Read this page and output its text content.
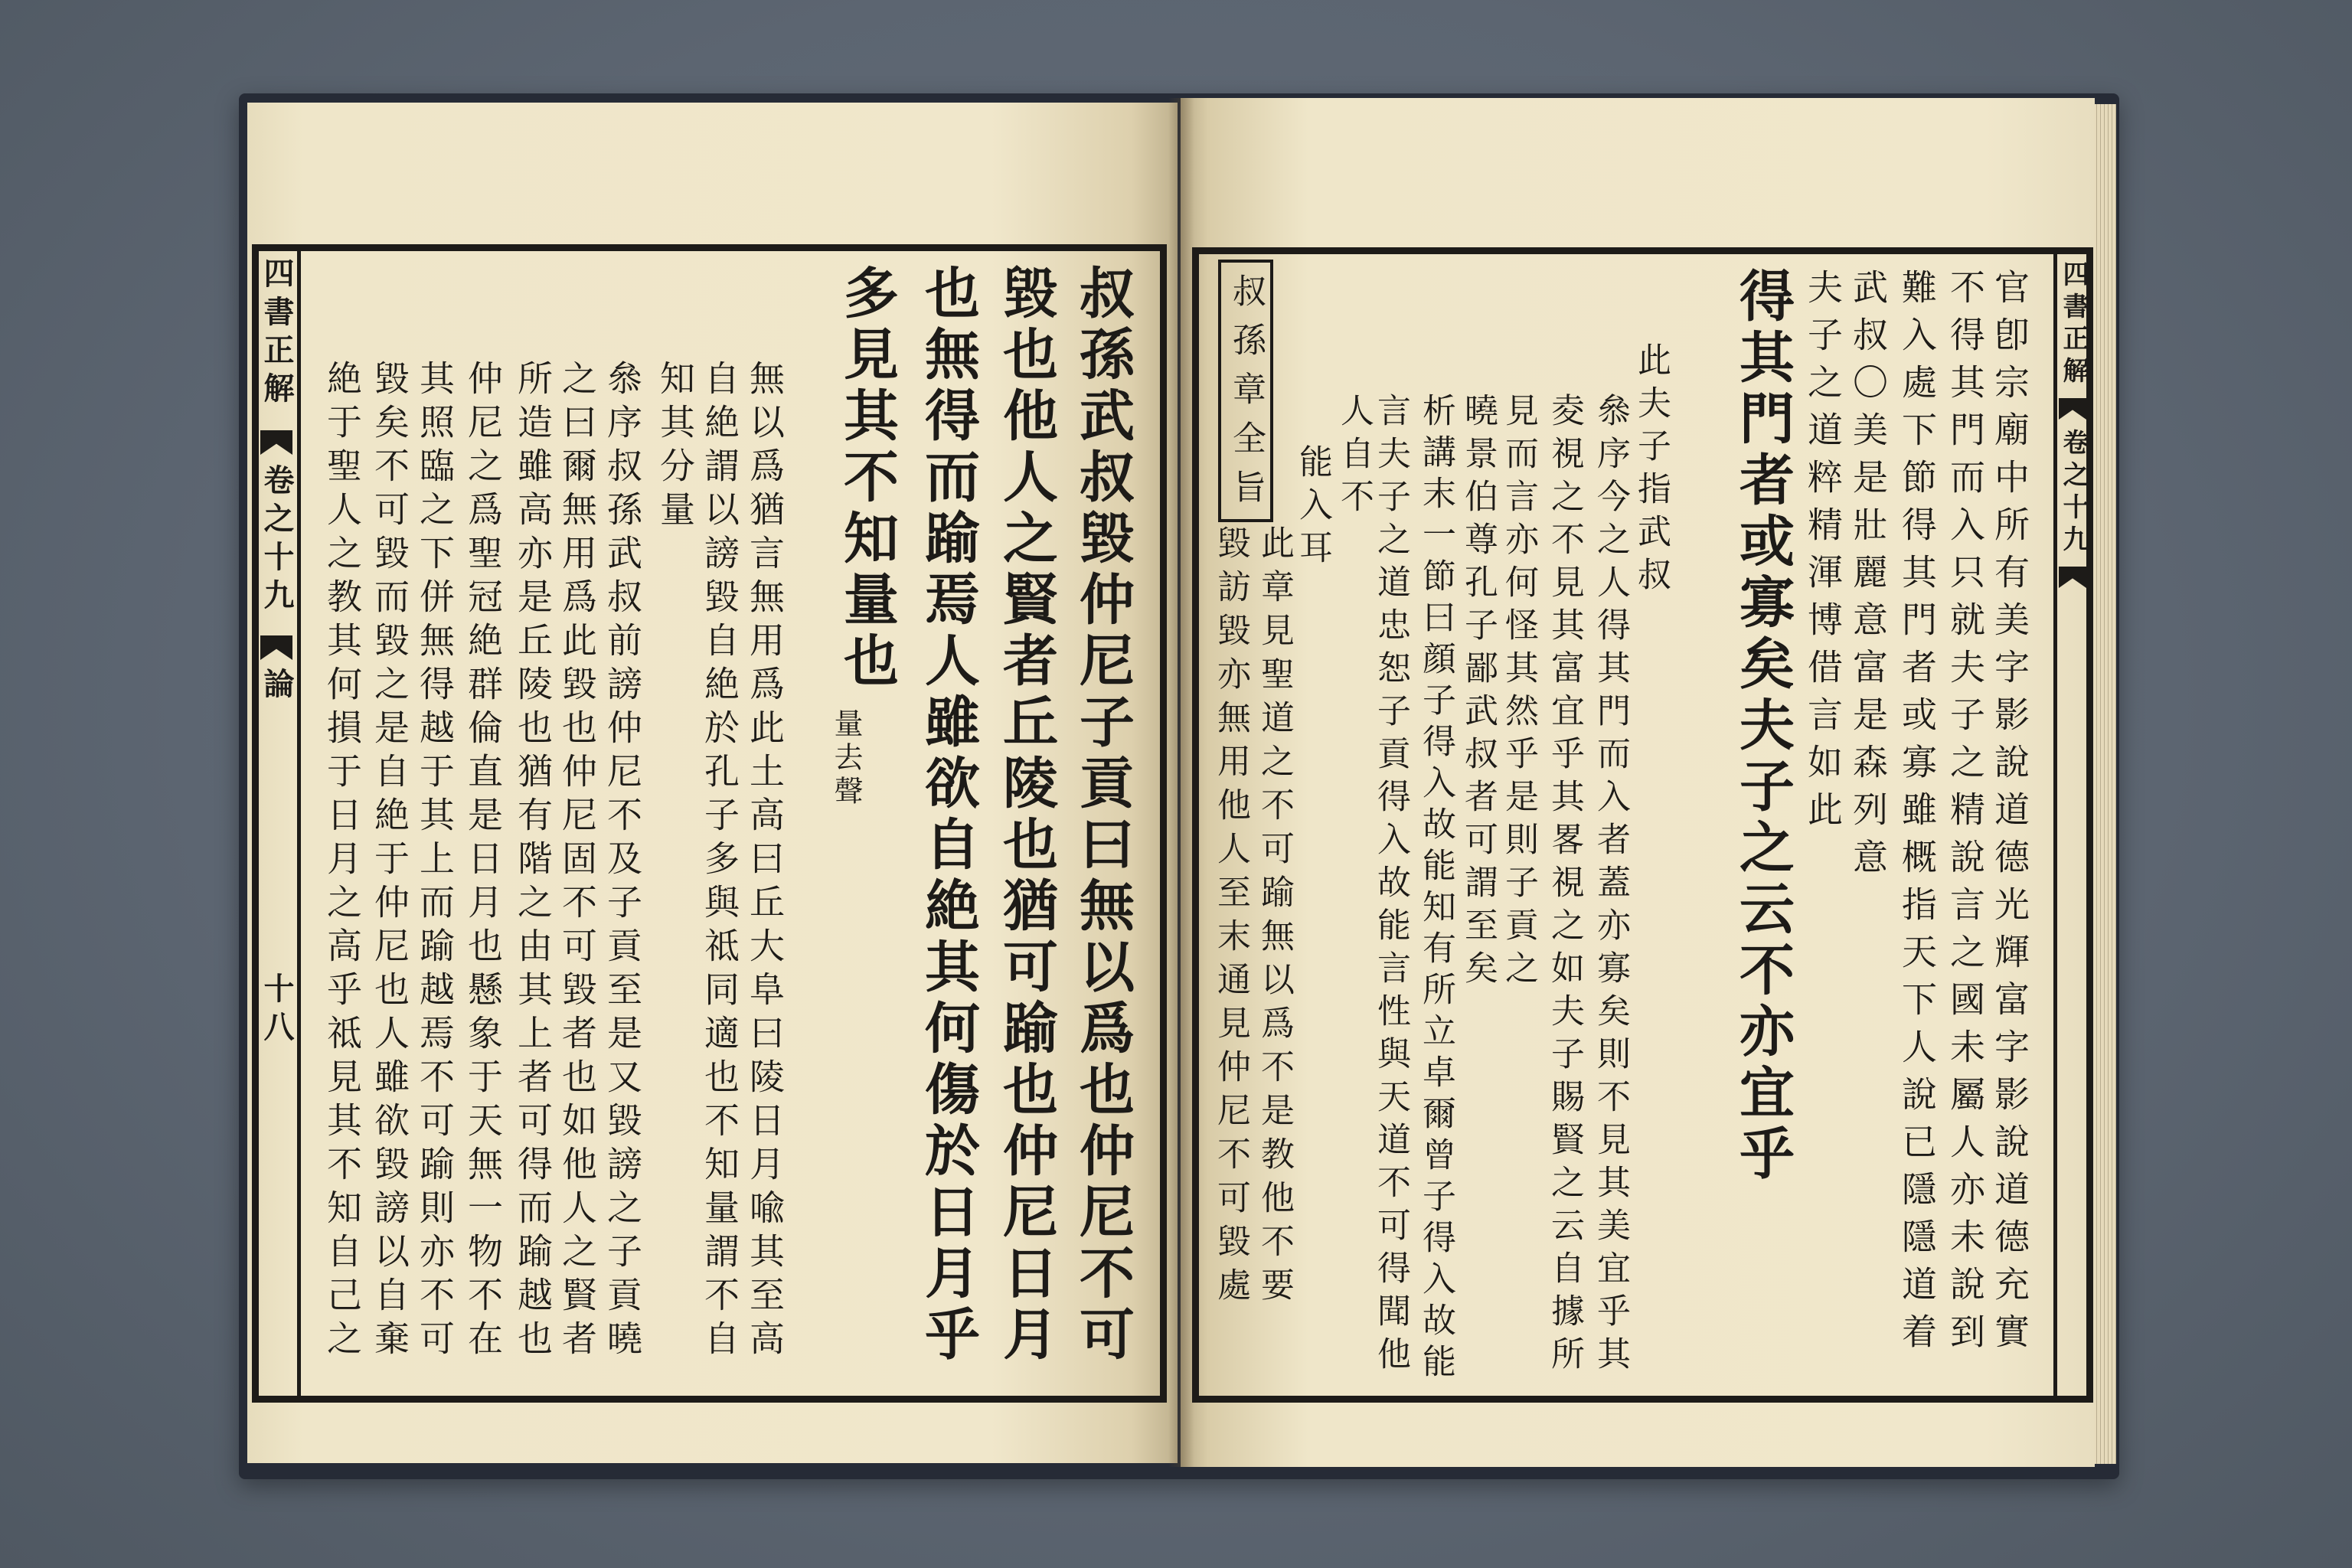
四書正解
卷之十九
論
十八	叔孫武叔毀仲尼子貢曰無以爲也仲尼不可
毀也他人之賢者丘陵也猶可踰也仲尼日月
也無得而踰焉人雖欲自絶其何傷於日月乎
多見其不知量也
量去聲
無以爲猶言無用爲此土高曰丘大阜曰陵日月喩其至高
自絶謂以謗毀自絶於孔子多與祗同適也不知量謂不自
知其分量
叅序叔孫武叔前謗仲尼不及子貢至是又毀謗之子貢曉
之曰爾無用爲此毀也仲尼固不可毀者也如他人之賢者
所造雖高亦是丘陵也猶有階之由其上者可得而踰越也
仲尼之爲聖冠絶群倫直是日月也懸象于天無一物不在
其照臨之下併無得越于其上而踰越焉不可踰則亦不可
毀矣不可毀而毀之是自絶于仲尼也人雖欲毀謗以自棄
絶于聖人之教其何損于日月之高乎祗見其不知自己之
四書正解
卷之十九
官卽宗廟中所有美字影說道德光輝富字影說道德充實
不得其門而入只就夫子之精說言之國未屬人亦未說到
難入處下節得其門者或寡雖概指天下人說已隱隱道着
武叔〇美是壯麗意富是森列意
夫子之道粹精渾博借言如此
得其門者或寡矣夫子之云不亦宜乎
此夫子指武叔
叅序今之人得其門而入者蓋亦寡矣則不見其美宜乎其
夌視之不見其富宜乎其畧視之如夫子賜賢之云自據所
見而言亦何怪其然乎是則子貢之
曉景伯尊孔子鄙武叔者可謂至矣
析講末一節曰顔子得入故能知有所立卓爾曾子得入故能
言夫子之道忠恕子貢得入故能言性與天道不可得聞他
人自不
能入耳
叔孫章全旨
此章見聖道之不可踰無以爲不是教他不要
毀訪毀亦無用他人至末通見仲尼不可毀處
